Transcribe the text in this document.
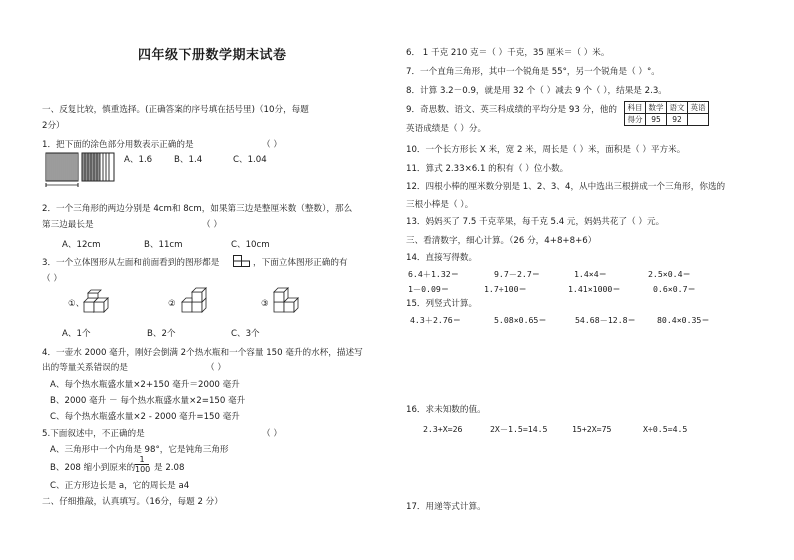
四年级下册数学期末试卷
一、反复比较，慎重选择。(正确答案的序号填在括号里)（10分，每题
2分）
1．把下面的涂色部分用数表示正确的是	（ ）
A、1.6	B、1.4	C、1.04
2．一个三角形的两边分别是 4cm和 8cm，如果第三边是整厘米数（整数），那么
第三边最长是	（ ）
A、12cm	B、11cm	C、10cm
3．一个立体图形从左面和前面看到的图形都是	，下面立体图形正确的有
（ ）
①、	②	③
A、1个	B、2个	C、3个
4．一壶水 2000 毫升，刚好会倒满 2个热水瓶和一个容量 150 毫升的水杯，描述写
出的等量关系错误的是	（ ）
A、每个热水瓶盛水量×2+150 毫升＝2000 毫升
B、2000 毫升 － 每个热水瓶盛水量×2=150 毫升
C、每个热水瓶盛水量×2 - 2000 毫升=150 毫升
5.下面叙述中，不正确的是	（ ）
A、三角形中一个内角是 98°，它是钝角三角形
B、208 缩小到原来的 $\frac{1}{100}$ 是 2.08
C、正方形边长是 a，它的周长是 a4
二、仔细推敲，认真填写。（16分，每题 2 分）
6． 1 千克 210 克＝（ ）千克，35 厘米＝（ ）米。
7．一个直角三角形，其中一个锐角是 55°，另一个锐角是（ ）°。
8．计算 3.2－0.9，就是用 32 个（ ）减去 9 个（ ），结果是 2.3。
9．奇思数、语文、英三科成绩的平均分是 93 分，他的
英语成绩是（ ）分。
科目	数学	语文	英语
得分	95	92	
10．一个长方形长 X 米，宽 2 米，周长是（ ）米，面积是（ ）平方米。
11．算式 2.33×6.1 的积有（ ）位小数。
12．四根小棒的厘米数分别是 1、2、3、4，从中选出三根拼成一个三角形，你选的
三根小棒是（ ）。
13．妈妈买了 7.5 千克苹果，每千克 5.4 元，妈妈共花了（ ）元。
三、看清数字，细心计算。（26 分，4+8+8+6）
14．直接写得数。
6.4＋1.32＝	9.7－2.7＝	1.4×4＝	2.5×0.4＝
1－0.09＝	1.7÷100＝	1.41×1000＝	0.6×0.7＝
15．列竖式计算。
4.3＋2.76＝	5.08×0.65＝	54.68－12.8＝	80.4×0.35＝
16．求未知数的值。
2.3+X=26	2X－1.5=14.5	15+2X=75	X÷0.5=4.5
17．用递等式计算。
